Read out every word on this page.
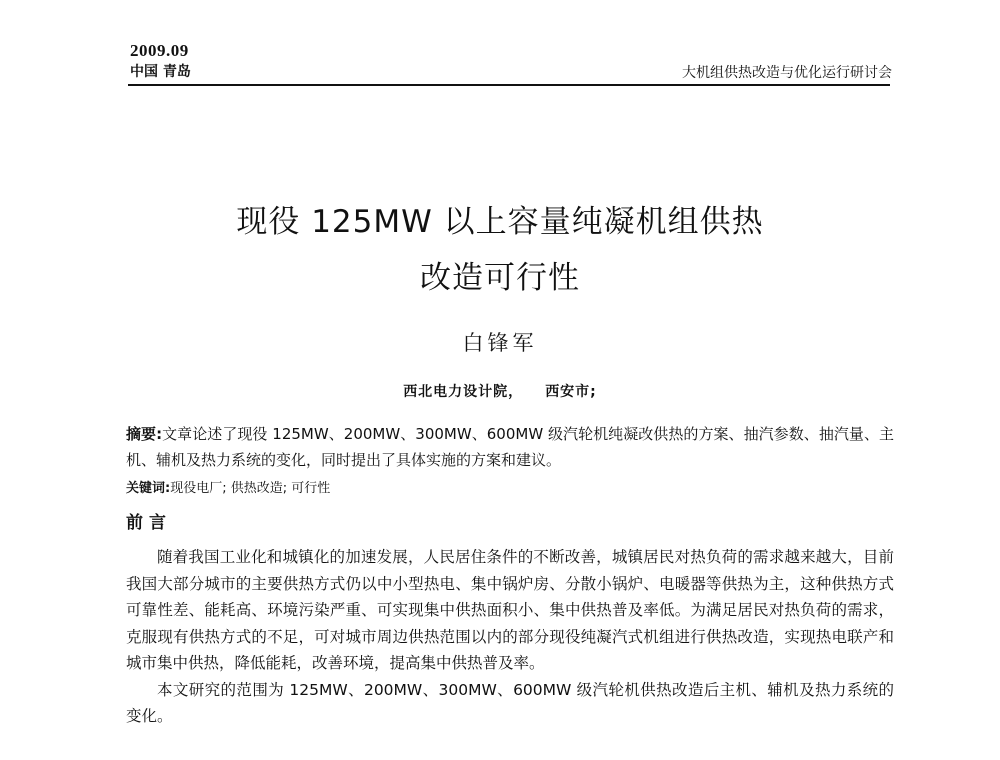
2009.09
中国 青岛	大机组供热改造与优化运行研讨会
现役 125MW 以上容量纯凝机组供热
改造可行性
白锋军
西北电力设计院， 西安市;
摘要:文章论述了现役 125MW、200MW、300MW、600MW 级汽轮机纯凝改供热的方案、抽汽参数、抽汽量、主机、辅机及热力系统的变化，同时提出了具体实施的方案和建议。
关键词:现役电厂; 供热改造; 可行性
前言

随着我国工业化和城镇化的加速发展，人民居住条件的不断改善，城镇居民对热负荷的需求越来越大，目前我国大部分城市的主要供热方式仍以中小型热电、集中锅炉房、分散小锅炉、电暖器等供热为主，这种供热方式可靠性差、能耗高、环境污染严重、可实现集中供热面积小、集中供热普及率低。为满足居民对热负荷的需求，克服现有供热方式的不足，可对城市周边供热范围以内的部分现役纯凝汽式机组进行供热改造，实现热电联产和城市集中供热，降低能耗，改善环境，提高集中供热普及率。

本文研究的范围为 125MW、200MW、300MW、600MW 级汽轮机供热改造后主机、辅机及热力系统的变化。
